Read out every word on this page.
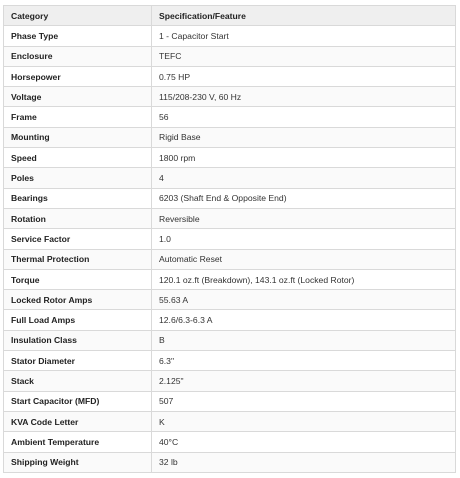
Category	Specification/Feature
Phase Type	1 - Capacitor Start
Enclosure	TEFC
Horsepower	0.75 HP
Voltage	115/208-230 V, 60 Hz
Frame	56
Mounting	Rigid Base
Speed	1800 rpm
Poles	4
Bearings	6203 (Shaft End & Opposite End)
Rotation	Reversible
Service Factor	1.0
Thermal Protection	Automatic Reset
Torque	120.1 oz.ft (Breakdown), 143.1 oz.ft (Locked Rotor)
Locked Rotor Amps	55.63 A
Full Load Amps	12.6/6.3-6.3 A
Insulation Class	B
Stator Diameter	6.3"
Stack	2.125"
Start Capacitor (MFD)	507
KVA Code Letter	K
Ambient Temperature	40°C
Shipping Weight	32 lb
